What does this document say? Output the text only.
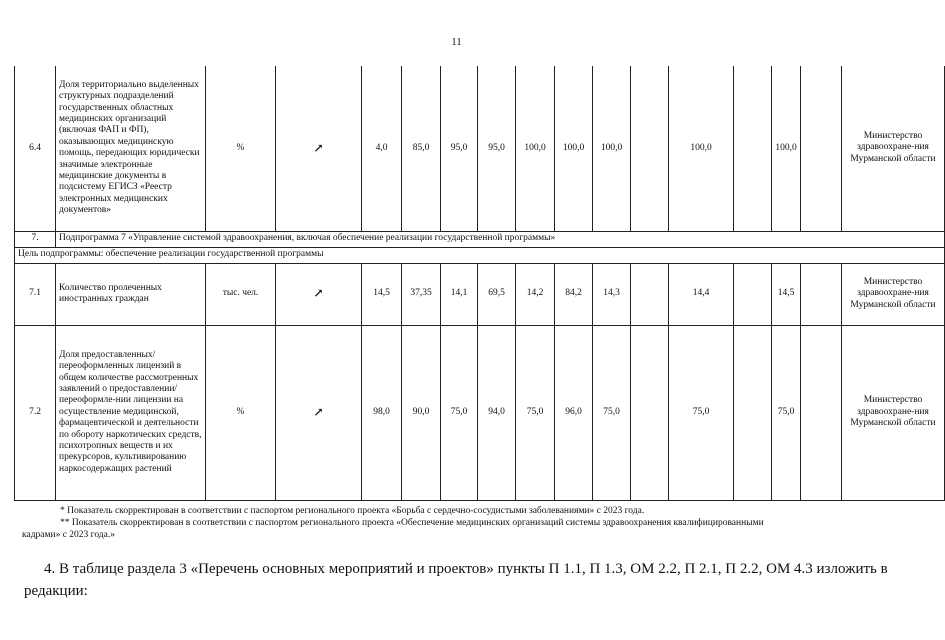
11
6.4	Доля территориально выделенных структурных подразделений государственных областных медицинских организаций (включая ФАП и ФП), оказывающих медицинскую помощь, передающих юридически значимые электронные медицинские документы в подсистему ЕГИСЗ «Реестр электронных медицинских документов»	%	↗	4,0	85,0	95,0	95,0	100,0	100,0	100,0		100,0		100,0		Министерство здравоохране-ния Мурманской области
7.	Подпрограмма 7 «Управление системой здравоохранения, включая обеспечение реализации государственной программы»															
Цель подпрограммы: обеспечение реализации государственной программы																
7.1	Количество пролеченных иностранных граждан	тыс. чел.	↗	14,5	37,35	14,1	69,5	14,2	84,2	14,3		14,4		14,5		Министерство здравоохране-ния Мурманской области
7.2	Доля предоставленных/ переоформленных лицензий в общем количестве рассмотренных заявлений о предоставлении/переоформле-нии лицензии на осуществление медицинской, фармацевтической и деятельности по обороту наркотических средств, психотропных веществ и их прекурсоров, культивированию наркосодержащих растений	%	↗	98,0	90,0	75,0	94,0	75,0	96,0	75,0		75,0		75,0		Министерство здравоохране-ния Мурманской области

* Показатель скорректирован в соответствии с паспортом регионального проекта «Борьба с сердечно-сосудистыми заболеваниями» с 2023 года.

** Показатель скорректирован в соответствии с паспортом регионального проекта «Обеспечение медицинских организаций системы здравоохранения квалифицированными

кадрами» с 2023 года.»

4. В таблице раздела 3 «Перечень основных мероприятий и проектов» пункты П 1.1, П 1.3, ОМ 2.2, П 2.1, П 2.2, ОМ 4.3 изложить в редакции:
